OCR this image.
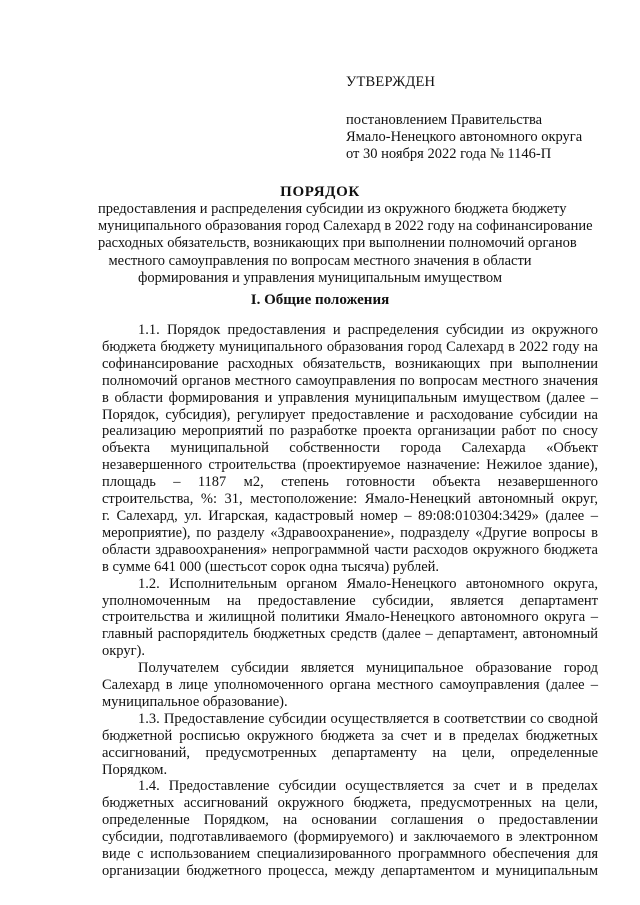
УТВЕРЖДЕН
постановлением Правительства
Ямало-Ненецкого автономного округа
от 30 ноября 2022 года № 1146-П
ПОРЯДОК
предоставления и распределения субсидии из окружного бюджета бюджету
муниципального образования город Салехард в 2022 году на софинансирование
расходных обязательств, возникающих при выполнении полномочий органов
местного самоуправления по вопросам местного значения в области
формирования и управления муниципальным имуществом
I. Общие положения
1.1. Порядок предоставления и распределения субсидии из окружного
бюджета бюджету муниципального образования город Салехард в 2022 году на
софинансирование расходных обязательств, возникающих при выполнении
полномочий органов местного самоуправления по вопросам местного значения
в области формирования и управления муниципальным имуществом (далее –
Порядок, субсидия), регулирует предоставление и расходование субсидии на
реализацию мероприятий по разработке проекта организации работ по сносу
объекта муниципальной собственности города Салехарда «Объект
незавершенного строительства (проектируемое назначение: Нежилое здание),
площадь – 1187 м2, степень готовности объекта незавершенного
строительства, %: 31, местоположение: Ямало-Ненецкий автономный округ,
г. Салехард, ул. Игарская, кадастровый номер – 89:08:010304:3429» (далее –
мероприятие), по разделу «Здравоохранение», подразделу «Другие вопросы в
области здравоохранения» непрограммной части расходов окружного бюджета
в сумме 641 000 (шестьсот сорок одна тысяча) рублей.
1.2. Исполнительным органом Ямало-Ненецкого автономного округа,
уполномоченным на предоставление субсидии, является департамент
строительства и жилищной политики Ямало-Ненецкого автономного округа –
главный распорядитель бюджетных средств (далее – департамент, автономный
округ).
Получателем субсидии является муниципальное образование город
Салехард в лице уполномоченного органа местного самоуправления (далее –
муниципальное образование).
1.3. Предоставление субсидии осуществляется в соответствии со сводной
бюджетной росписью окружного бюджета за счет и в пределах бюджетных
ассигнований, предусмотренных департаменту на цели, определенные
Порядком.
1.4. Предоставление субсидии осуществляется за счет и в пределах
бюджетных ассигнований окружного бюджета, предусмотренных на цели,
определенные Порядком, на основании соглашения о предоставлении
субсидии, подготавливаемого (формируемого) и заключаемого в электронном
виде с использованием специализированного программного обеспечения для
организации бюджетного процесса, между департаментом и муниципальным
